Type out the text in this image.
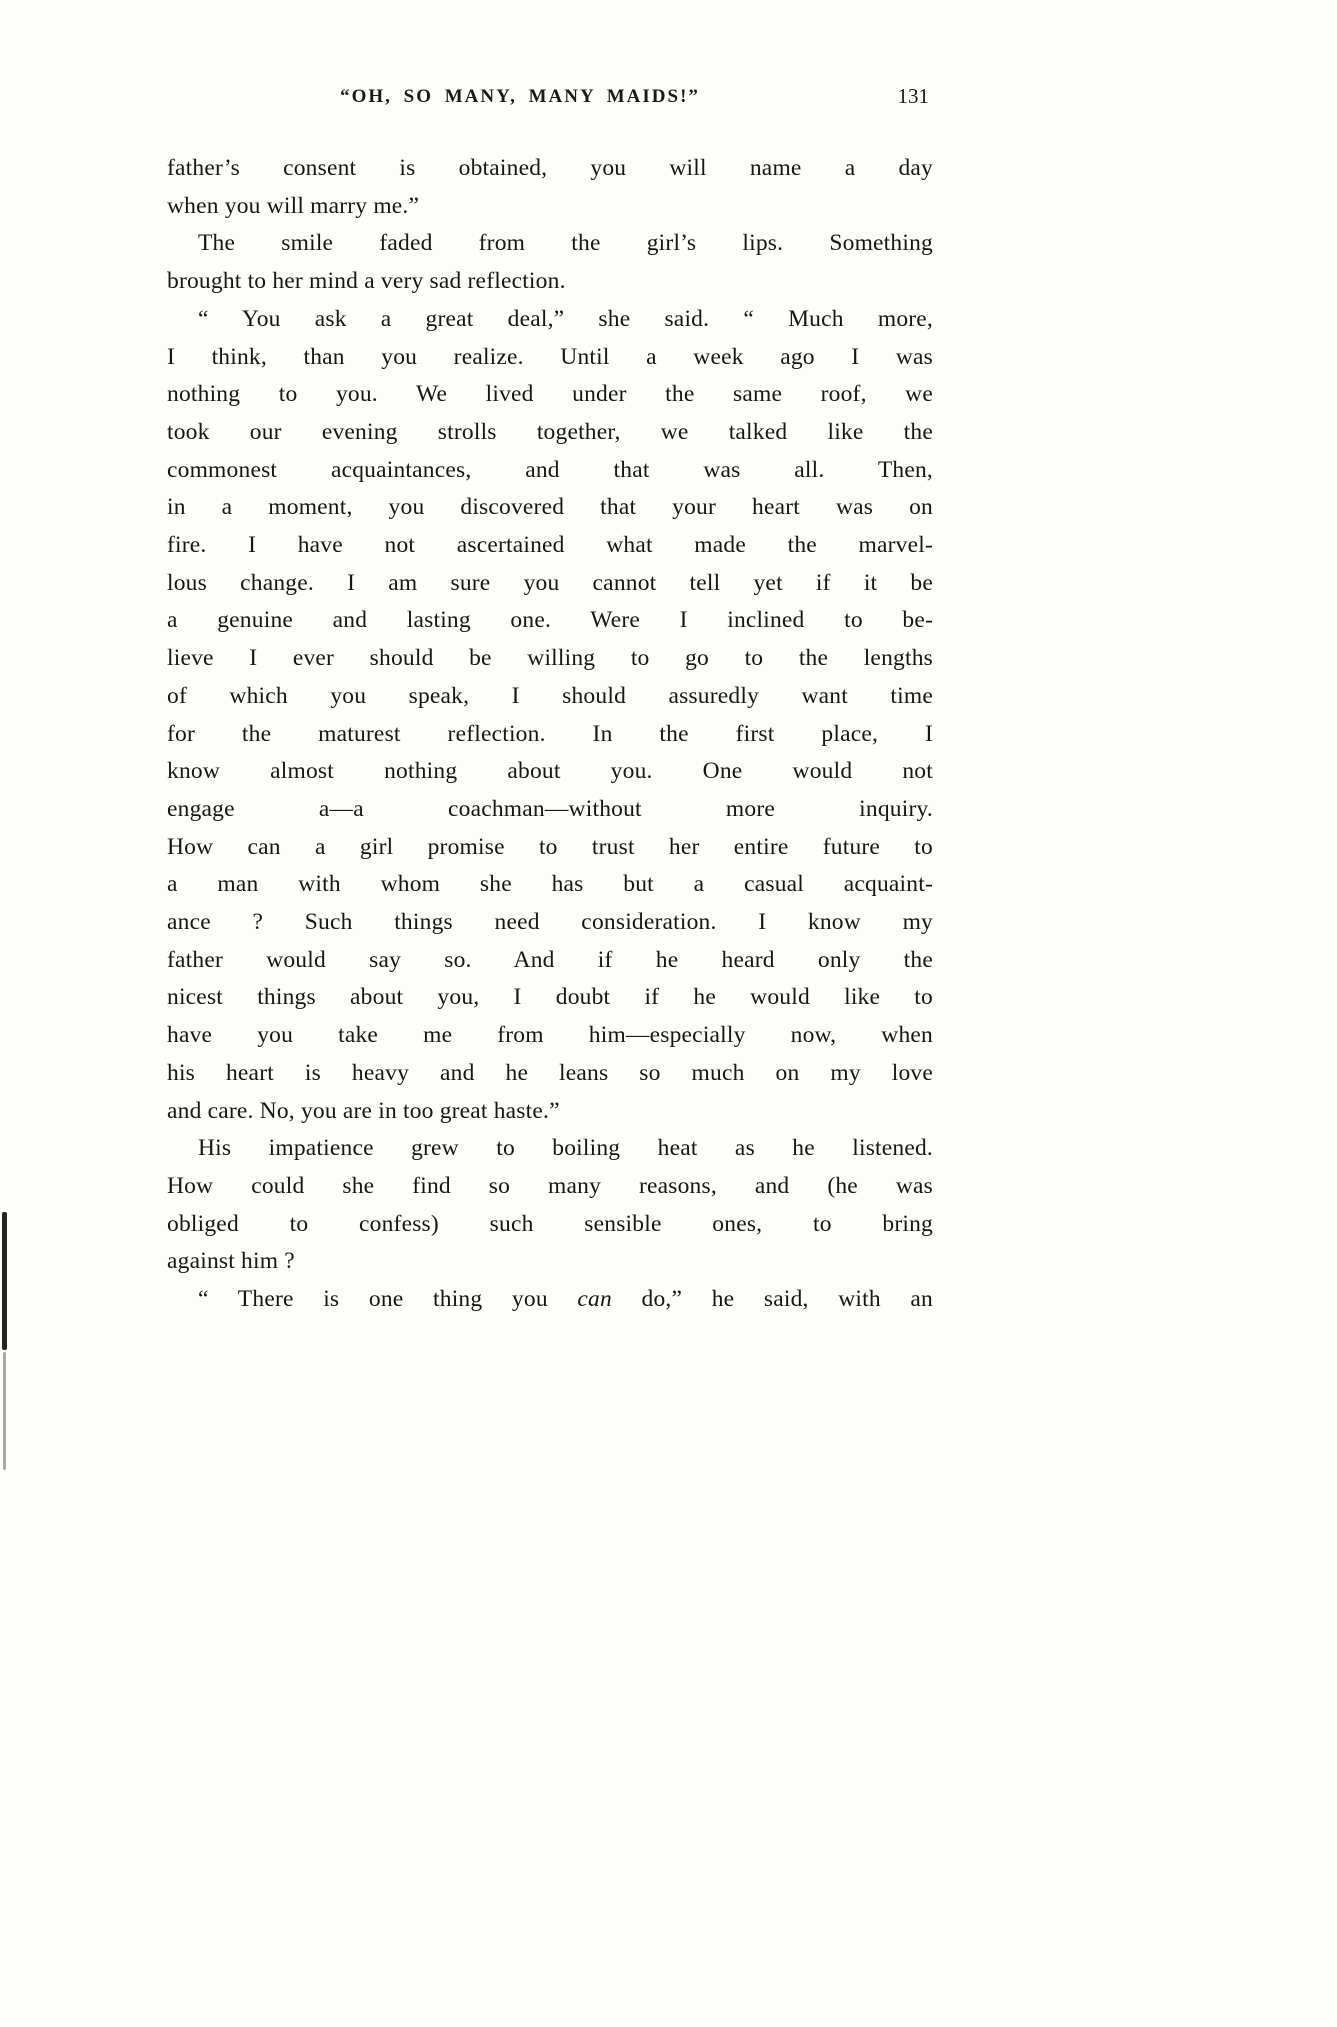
“OH, SO MANY, MANY MAIDS!”	131
father’s consent is obtained, you will name a day
when you will marry me.”
The smile faded from the girl’s lips. Something
brought to her mind a very sad reflection.
“ You ask a great deal,” she said. “ Much more,
I think, than you realize. Until a week ago I was
nothing to you. We lived under the same roof, we
took our evening strolls together, we talked like the
commonest acquaintances, and that was all. Then,
in a moment, you discovered that your heart was on
fire. I have not ascertained what made the marvel-
lous change. I am sure you cannot tell yet if it be
a genuine and lasting one. Were I inclined to be-
lieve I ever should be willing to go to the lengths
of which you speak, I should assuredly want time
for the maturest reflection. In the first place, I
know almost nothing about you. One would not
engage a—a coachman—without more inquiry.
How can a girl promise to trust her entire future to
a man with whom she has but a casual acquaint-
ance ? Such things need consideration. I know my
father would say so. And if he heard only the
nicest things about you, I doubt if he would like to
have you take me from him—especially now, when
his heart is heavy and he leans so much on my love
and care. No, you are in too great haste.”
His impatience grew to boiling heat as he listened.
How could she find so many reasons, and (he was
obliged to confess) such sensible ones, to bring
against him ?
“ There is one thing you can do,” he said, with an
